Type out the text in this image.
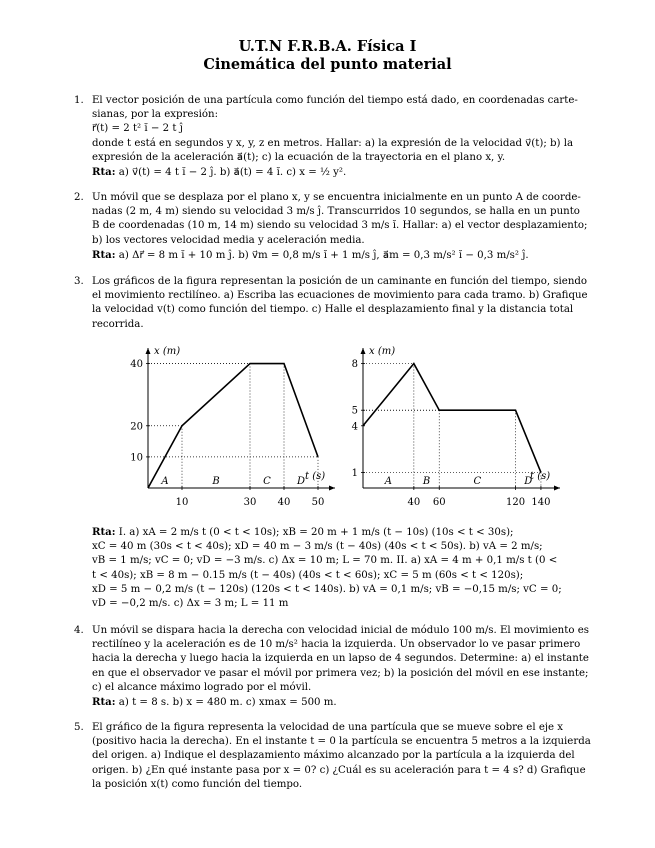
U.T.N F.R.B.A. Física I
Cinemática del punto material
1. El vector posición de una partícula como función del tiempo está dado, en coordenadas carte-
sianas, por la expresión:
r⃗(t) = 2 t² ĭ − 2 t ĵ
donde t está en segundos y x, y, z en metros. Hallar: a) la expresión de la velocidad v⃗(t); b) la
expresión de la aceleración a⃗(t); c) la ecuación de la trayectoria en el plano x, y.
Rta: a) v⃗(t) = 4 t ĭ − 2 ĵ. b) a⃗(t) = 4 ĭ. c) x = ½ y².
2. Un móvil que se desplaza por el plano x, y se encuentra inicialmente en un punto A de coorde-
nadas (2 m, 4 m) siendo su velocidad 3 m/s ĵ. Transcurridos 10 segundos, se halla en un punto
B de coordenadas (10 m, 14 m) siendo su velocidad 3 m/s ĭ. Hallar: a) el vector desplazamiento;
b) los vectores velocidad media y aceleración media.
Rta: a) Δr⃗ = 8 m ĭ + 10 m ĵ. b) v⃗m = 0,8 m/s ĭ + 1 m/s ĵ, a⃗m = 0,3 m/s² ĭ − 0,3 m/s² ĵ.
3. Los gráficos de la figura representan la posición de un caminante en función del tiempo, siendo
el movimiento rectilíneo. a) Escriba las ecuaciones de movimiento para cada tramo. b) Grafique
la velocidad v(t) como función del tiempo. c) Halle el desplazamiento final y la distancia total
recorrida.
x (m)
t (s)
10	30 40 50
10
20
40
A	B	C	D
x (m)
t (s)
40 60	120 140
1
4
5
8
A	B	C	D
Rta: I. a) xA = 2 m/s t (0 < t < 10s); xB = 20 m + 1 m/s (t − 10s) (10s < t < 30s);
xC = 40 m (30s < t < 40s); xD = 40 m − 3 m/s (t − 40s) (40s < t < 50s). b) vA = 2 m/s;
vB = 1 m/s; vC = 0; vD = −3 m/s. c) Δx = 10 m; L = 70 m. II. a) xA = 4 m + 0,1 m/s t (0 <
t < 40s); xB = 8 m − 0.15 m/s (t − 40s) (40s < t < 60s); xC = 5 m (60s < t < 120s);
xD = 5 m − 0,2 m/s (t − 120s) (120s < t < 140s). b) vA = 0,1 m/s; vB = −0,15 m/s; vC = 0;
vD = −0,2 m/s. c) Δx = 3 m; L = 11 m
4. Un móvil se dispara hacia la derecha con velocidad inicial de módulo 100 m/s. El movimiento es
rectilíneo y la aceleración es de 10 m/s² hacia la izquierda. Un observador lo ve pasar primero
hacia la derecha y luego hacia la izquierda en un lapso de 4 segundos. Determine: a) el instante
en que el observador ve pasar el móvil por primera vez; b) la posición del móvil en ese instante;
c) el alcance máximo logrado por el móvil.
Rta: a) t = 8 s. b) x = 480 m. c) xmax = 500 m.
5. El gráfico de la figura representa la velocidad de una partícula que se mueve sobre el eje x
(positivo hacia la derecha). En el instante t = 0 la partícula se encuentra 5 metros a la izquierda
del origen. a) Indique el desplazamiento máximo alcanzado por la partícula a la izquierda del
origen. b) ¿En qué instante pasa por x = 0? c) ¿Cuál es su aceleración para t = 4 s? d) Grafique
la posición x(t) como función del tiempo.
